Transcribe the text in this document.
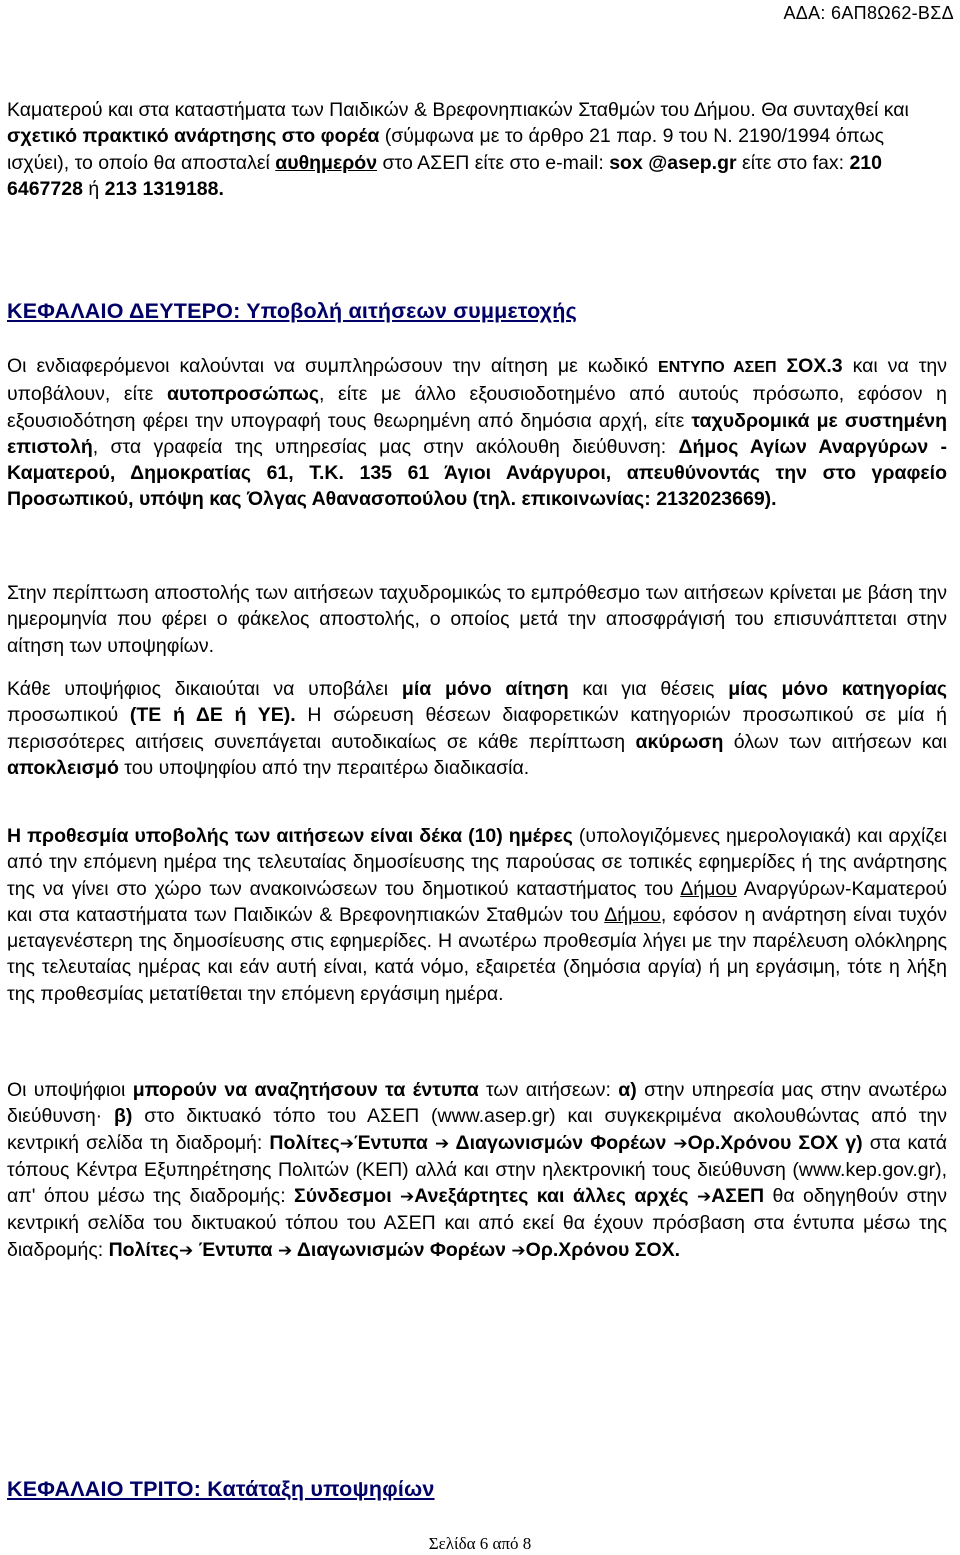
ΑΔΑ: 6ΑΠ8Ω62-ΒΣΔ

Καματερού και στα καταστήματα των Παιδικών & Βρεφονηπιακών Σταθμών του Δήμου. Θα συνταχθεί και σχετικό πρακτικό ανάρτησης στο φορέα (σύμφωνα με το άρθρο 21 παρ. 9 του Ν. 2190/1994 όπως ισχύει), το οποίο θα αποσταλεί αυθημερόν στο ΑΣΕΠ είτε στο e-mail: sox @asep.gr είτε στο fax: 210 6467728 ή 213 1319188.

ΚΕΦΑΛΑΙΟ ΔΕΥΤΕΡΟ: Υποβολή αιτήσεων συμμετοχής

Οι ενδιαφερόμενοι καλούνται να συμπληρώσουν την αίτηση με κωδικό ΕΝΤΥΠΟ ΑΣΕΠ ΣΟΧ.3 και να την υποβάλουν, είτε αυτοπροσώπως, είτε με άλλο εξουσιοδοτημένο από αυτούς πρόσωπο, εφόσον η εξουσιοδότηση φέρει την υπογραφή τους θεωρημένη από δημόσια αρχή, είτε ταχυδρομικά με συστημένη επιστολή, στα γραφεία της υπηρεσίας μας στην ακόλουθη διεύθυνση: Δήμος Αγίων Αναργύρων - Καματερού, Δημοκρατίας 61, Τ.Κ. 135 61 Άγιοι Ανάργυροι, απευθύνοντάς την στο γραφείο Προσωπικού, υπόψη κας Όλγας Αθανασοπούλου (τηλ. επικοινωνίας: 2132023669).

Στην περίπτωση αποστολής των αιτήσεων ταχυδρομικώς το εμπρόθεσμο των αιτήσεων κρίνεται με βάση την ημερομηνία που φέρει ο φάκελος αποστολής, ο οποίος μετά την αποσφράγισή του επισυνάπτεται στην αίτηση των υποψηφίων.

Κάθε υποψήφιος δικαιούται να υποβάλει μία μόνο αίτηση και για θέσεις μίας μόνο κατηγορίας προσωπικού (ΤΕ ή ΔΕ ή ΥΕ). Η σώρευση θέσεων διαφορετικών κατηγοριών προσωπικού σε μία ή περισσότερες αιτήσεις συνεπάγεται αυτοδικαίως σε κάθε περίπτωση ακύρωση όλων των αιτήσεων και αποκλεισμό του υποψηφίου από την περαιτέρω διαδικασία.

Η προθεσμία υποβολής των αιτήσεων είναι δέκα (10) ημέρες (υπολογιζόμενες ημερολογιακά) και αρχίζει από την επόμενη ημέρα της τελευταίας δημοσίευσης της παρούσας σε τοπικές εφημερίδες ή της ανάρτησης της να γίνει στο χώρο των ανακοινώσεων του δημοτικού καταστήματος του Δήμου Αναργύρων-Καματερού και στα καταστήματα των Παιδικών & Βρεφονηπιακών Σταθμών του Δήμου, εφόσον η ανάρτηση είναι τυχόν μεταγενέστερη της δημοσίευσης στις εφημερίδες. Η ανωτέρω προθεσμία λήγει με την παρέλευση ολόκληρης της τελευταίας ημέρας και εάν αυτή είναι, κατά νόμο, εξαιρετέα (δημόσια αργία) ή μη εργάσιμη, τότε η λήξη της προθεσμίας μετατίθεται την επόμενη εργάσιμη ημέρα.

Οι υποψήφιοι μπορούν να αναζητήσουν τα έντυπα των αιτήσεων: α) στην υπηρεσία μας στην ανωτέρω διεύθυνση· β) στο δικτυακό τόπο του ΑΣΕΠ (www.asep.gr) και συγκεκριμένα ακολουθώντας από την κεντρική σελίδα τη διαδρομή: Πολίτες➔Έντυπα ➔ Διαγωνισμών Φορέων ➔Ορ.Χρόνου ΣΟΧ γ) στα κατά τόπους Κέντρα Εξυπηρέτησης Πολιτών (ΚΕΠ) αλλά και στην ηλεκτρονική τους διεύθυνση (www.kep.gov.gr), απ' όπου μέσω της διαδρομής: Σύνδεσμοι ➔Ανεξάρτητες και άλλες αρχές ➔ΑΣΕΠ θα οδηγηθούν στην κεντρική σελίδα του δικτυακού τόπου του ΑΣΕΠ και από εκεί θα έχουν πρόσβαση στα έντυπα μέσω της διαδρομής: Πολίτες➔ Έντυπα ➔ Διαγωνισμών Φορέων ➔Ορ.Χρόνου ΣΟΧ.

ΚΕΦΑΛΑΙΟ ΤΡΙΤΟ: Κατάταξη υποψηφίων
Σελίδα 6 από 8
